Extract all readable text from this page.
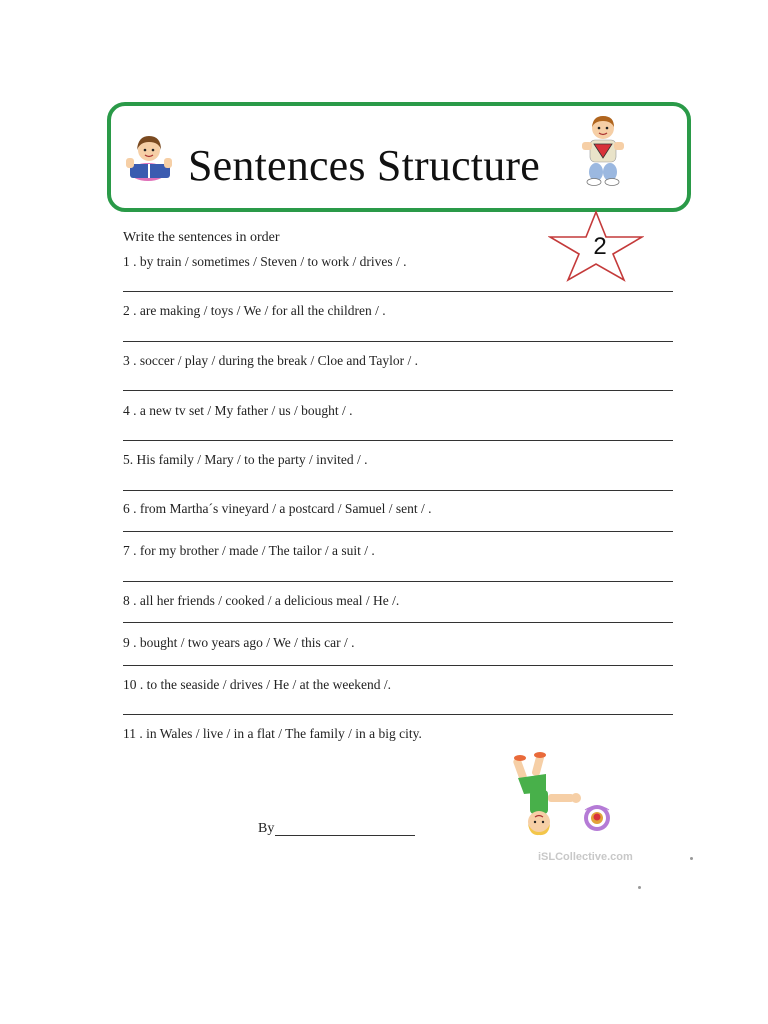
Sentences Structure
2
Write the sentences in order
1 . by train / sometimes / Steven / to work / drives / .
2 . are making / toys / We / for all the children / .
3 . soccer / play / during the break / Cloe and Taylor / .
4 . a new tv set / My father / us / bought / .
5. His family / Mary / to the party / invited / .
6 . from Martha´s vineyard / a postcard / Samuel / sent / .
7 . for my brother / made / The tailor / a suit / .
8 . all her friends / cooked / a delicious meal / He /.
9 . bought / two years ago / We / this car / .
10 . to the seaside / drives / He / at the weekend /.
11 . in Wales / live / in a flat / The family / in a big city.
By
iSLCollective.com
